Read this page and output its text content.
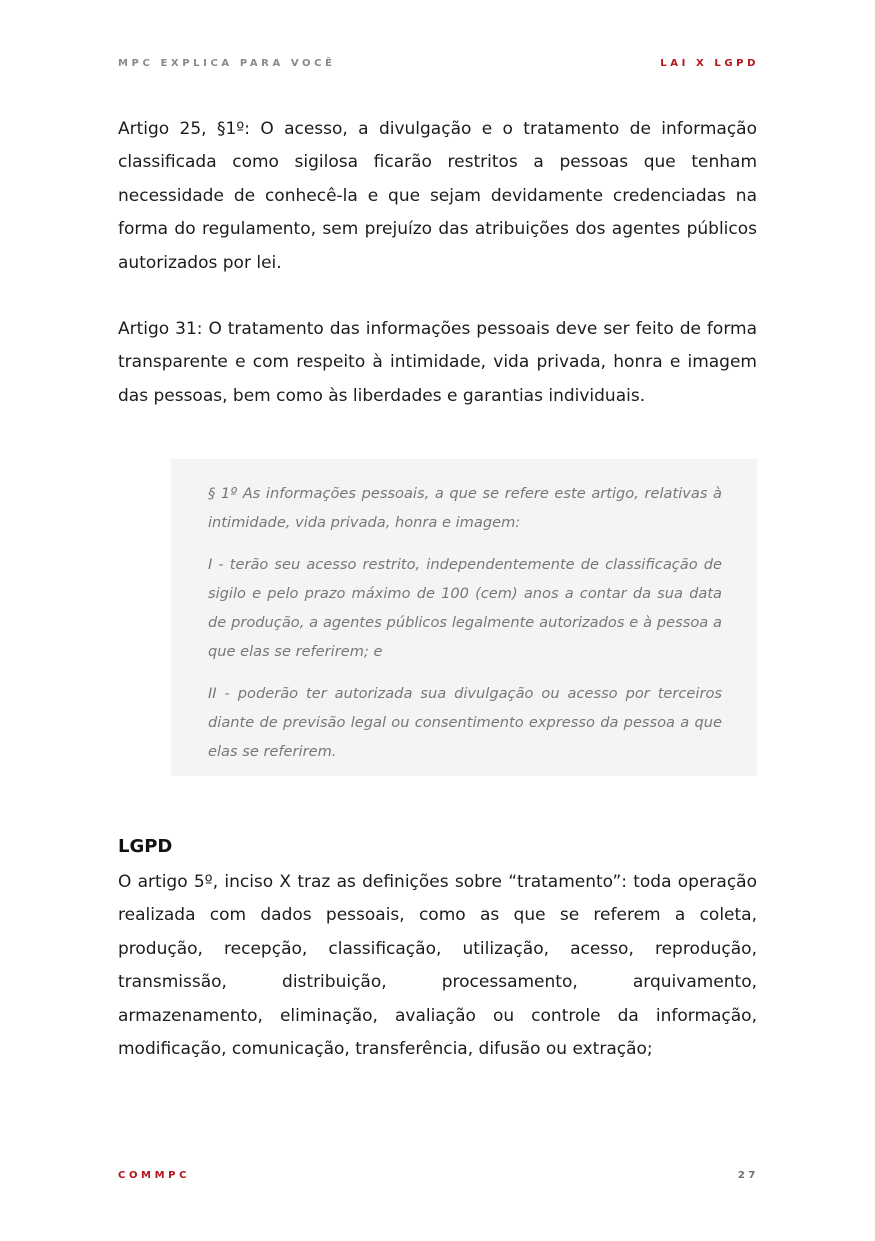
MPC EXPLICA PARA VOCÊ	LAI X LGPD

Artigo 25, §1º: O acesso, a divulgação e o tratamento de informação classificada como sigilosa ficarão restritos a pessoas que tenham necessidade de conhecê-la e que sejam devidamente credenciadas na forma do regulamento, sem prejuízo das atribuições dos agentes públicos autorizados por lei.

Artigo 31: O tratamento das informações pessoais deve ser feito de forma transparente e com respeito à intimidade, vida privada, honra e imagem das pessoas, bem como às liberdades e garantias individuais.

§ 1º As informações pessoais, a que se refere este artigo, relativas à intimidade, vida privada, honra e imagem:

I - terão seu acesso restrito, independentemente de classificação de sigilo e pelo prazo máximo de 100 (cem) anos a contar da sua data de produção, a agentes públicos legalmente autorizados e à pessoa a que elas se referirem; e

II - poderão ter autorizada sua divulgação ou acesso por terceiros diante de previsão legal ou consentimento expresso da pessoa a que elas se referirem.

LGPD

O artigo 5º, inciso X traz as definições sobre “tratamento”: toda operação realizada com dados pessoais, como as que se referem a coleta, produção, recepção, classificação, utilização, acesso, reprodução, transmissão, distribuição, processamento, arquivamento, armazenamento, eliminação, avaliação ou controle da informação, modificação, comunicação, transferência, difusão ou extração;

COMMPC	27
